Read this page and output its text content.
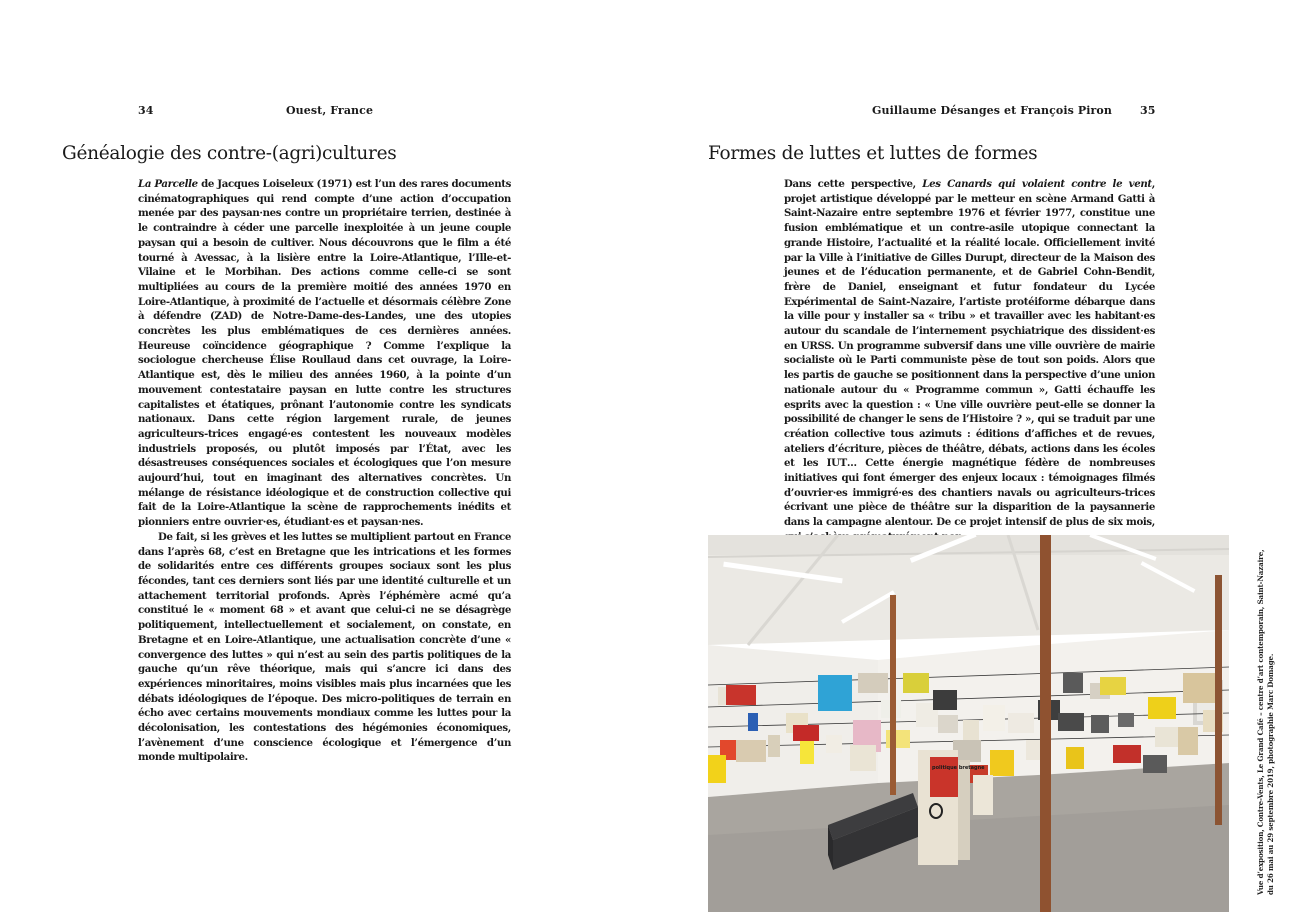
34	Ouest, France
Généalogie des contre-(agri)cultures

La Parcelle de Jacques Loiseleux (1971) est l’un des rares documents cinématographiques qui rend compte d’une action d’occupation menée par des paysan·nes contre un propriétaire terrien, destinée à le contraindre à céder une parcelle inexploitée à un jeune couple paysan qui a besoin de cultiver. Nous découvrons que le film a été tourné à Avessac, à la lisière entre la Loire-Atlantique, l’Ille-et-Vilaine et le Morbihan. Des actions comme celle-ci se sont multipliées au cours de la première moitié des années 1970 en Loire-Atlantique, à proximité de l’actuelle et désormais célèbre Zone à défendre (ZAD) de Notre-Dame-des-Landes, une des utopies concrètes les plus emblématiques de ces dernières années. Heureuse coïncidence géographique ? Comme l’explique la sociologue chercheuse Élise Roullaud dans cet ouvrage, la Loire-Atlantique est, dès le milieu des années 1960, à la pointe d’un mouvement contestataire paysan en lutte contre les structures capitalistes et étatiques, prônant l’autonomie contre les syndicats nationaux. Dans cette région largement rurale, de jeunes agriculteurs-trices engagé·es contestent les nouveaux modèles industriels proposés, ou plutôt imposés par l’État, avec les désastreuses conséquences sociales et écologiques que l’on mesure aujourd’hui, tout en imaginant des alternatives concrètes. Un mélange de résistance idéologique et de construction collective qui fait de la Loire-Atlantique la scène de rapprochements inédits et pionniers entre ouvrier·es, étudiant·es et paysan·nes.

De fait, si les grèves et les luttes se multiplient partout en France dans l’après 68, c’est en Bretagne que les intrications et les formes de solidarités entre ces différents groupes sociaux sont les plus fécondes, tant ces derniers sont liés par une identité culturelle et un attachement territorial profonds. Après l’éphémère acmé qu’a constitué le « moment 68 » et avant que celui-ci ne se désagrège politiquement, intellectuellement et socialement, on constate, en Bretagne et en Loire-Atlantique, une actualisation concrète d’une « convergence des luttes » qui n’est au sein des partis politiques de la gauche qu’un rêve théorique, mais qui s’ancre ici dans des expériences minoritaires, moins visibles mais plus incarnées que les débats idéologiques de l’époque. Des micro-politiques de terrain en écho avec certains mouvements mondiaux comme les luttes pour la décolonisation, les contestations des hégémonies économiques, l’avènement d’une conscience écologique et l’émergence d’un monde multipolaire.

Guillaume Désanges et François Piron	35
Formes de luttes et luttes de formes

Dans cette perspective, Les Canards qui volaient contre le vent, projet artistique développé par le metteur en scène Armand Gatti à Saint-Nazaire entre septembre 1976 et février 1977, constitue une fusion emblématique et un contre-asile utopique connectant la grande Histoire, l’actualité et la réalité locale. Officiellement invité par la Ville à l’initiative de Gilles Durupt, directeur de la Maison des jeunes et de l’éducation permanente, et de Gabriel Cohn-Bendit, frère de Daniel, enseignant et futur fondateur du Lycée Expérimental de Saint-Nazaire, l’artiste protéiforme débarque dans la ville pour y installer sa « tribu » et travailler avec les habitant·es autour du scandale de l’internement psychiatrique des dissident·es en URSS. Un programme subversif dans une ville ouvrière de mairie socialiste où le Parti communiste pèse de tout son poids. Alors que les partis de gauche se positionnent dans la perspective d’une union nationale autour du « Programme commun », Gatti échauffe les esprits avec la question : « Une ville ouvrière peut-elle se donner la possibilité de changer le sens de l’Histoire ? », qui se traduit par une création collective tous azimuts : éditions d’affiches et de revues, ateliers d’écriture, pièces de théâtre, débats, actions dans les écoles et les IUT… Cette énergie magnétique fédère de nombreuses initiatives qui font émerger des enjeux locaux : témoignages filmés d’ouvrier·es immigré·es des chantiers navals ou agriculteurs-trices écrivant une pièce de théâtre sur la disparition de la paysannerie dans la campagne alentour. De ce projet intensif de plus de six mois,

politique bretagne	Vue d’exposition, Contre-Vents, Le Grand Café – centre d’art contemporain, Saint-Nazaire, du 26 mai au 29 septembre 2019, photographie Marc Domage.
